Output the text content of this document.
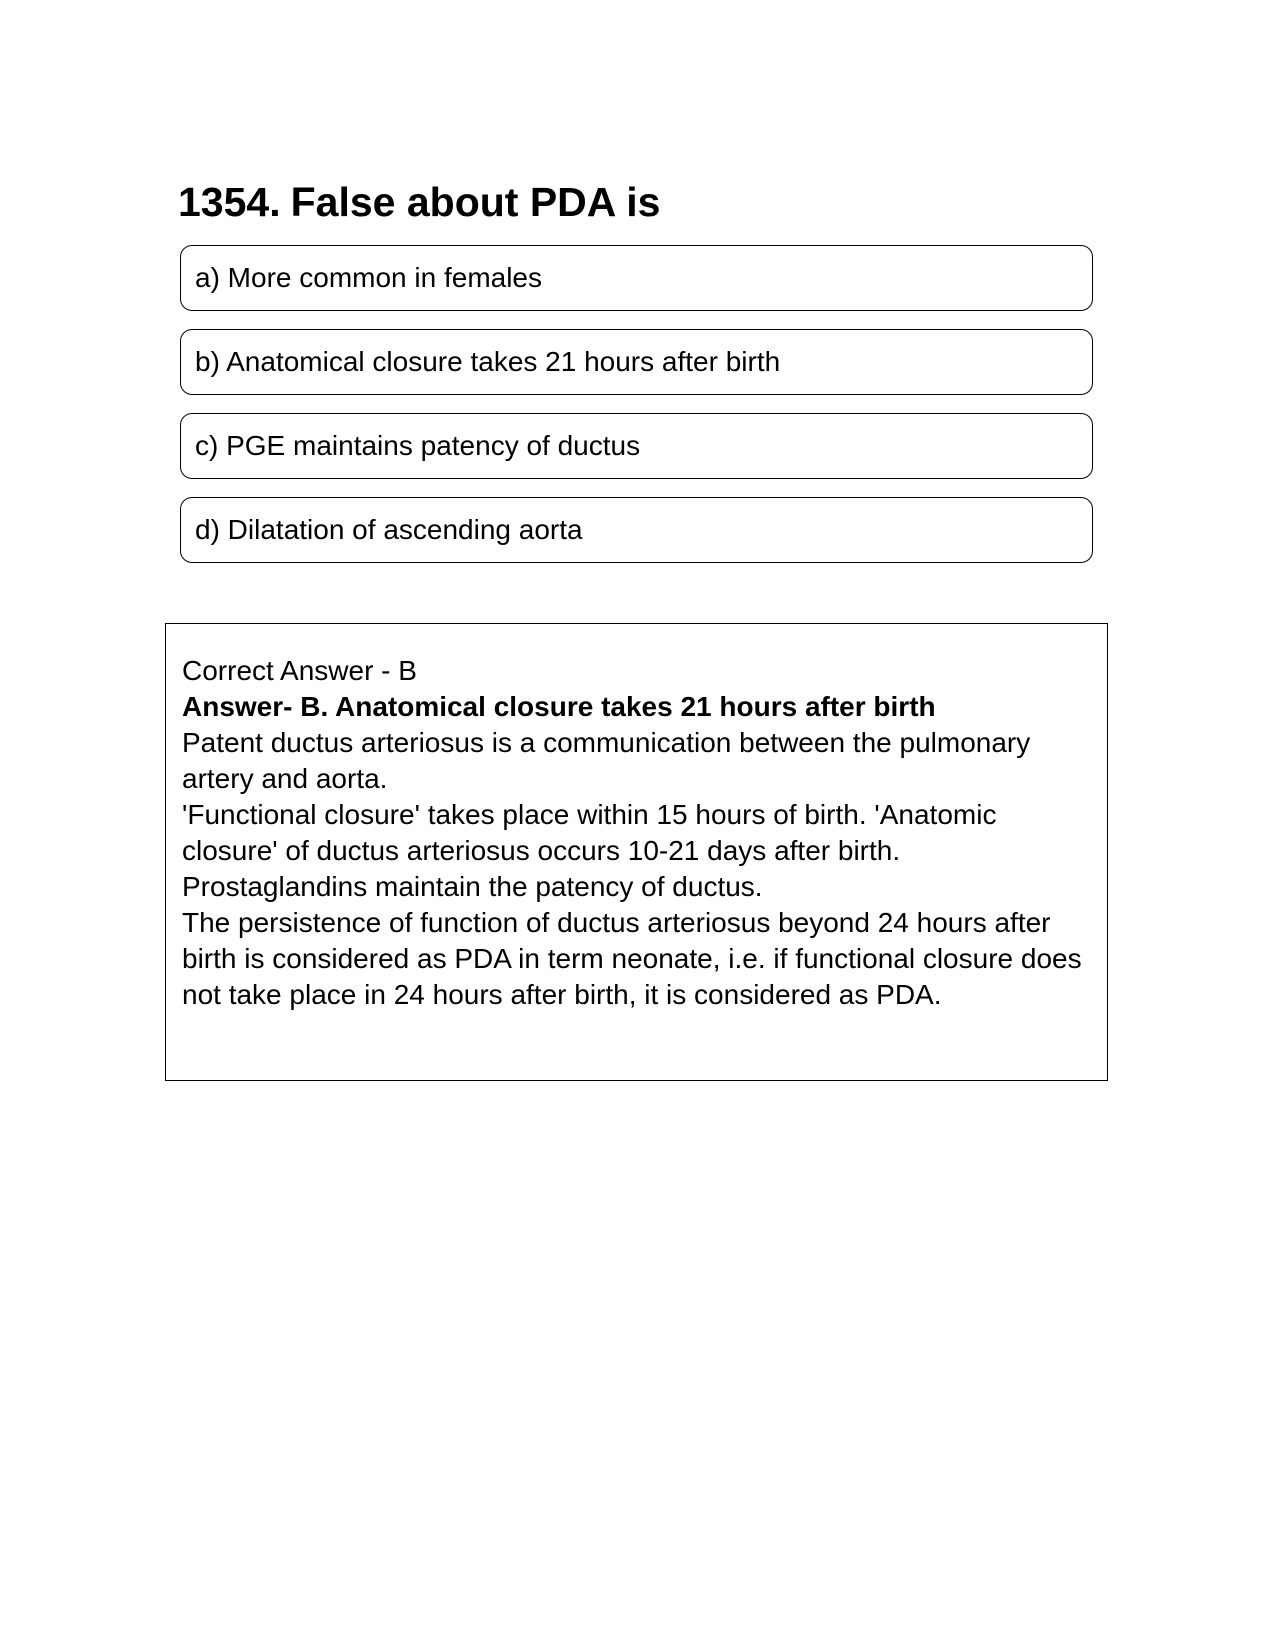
1354. False about PDA is
a) More common in females
b) Anatomical closure takes 21 hours after birth
c) PGE maintains patency of ductus
d) Dilatation of ascending aorta

Correct Answer - B

Answer- B. Anatomical closure takes 21 hours after birth

Patent ductus arteriosus is a communication between the pulmonary artery and aorta.

'Functional closure' takes place within 15 hours of birth. 'Anatomic closure' of ductus arteriosus occurs 10-21 days after birth.

Prostaglandins maintain the patency of ductus.

The persistence of function of ductus arteriosus beyond 24 hours after birth is considered as PDA in term neonate, i.e. if functional closure does not take place in 24 hours after birth, it is considered as PDA.
